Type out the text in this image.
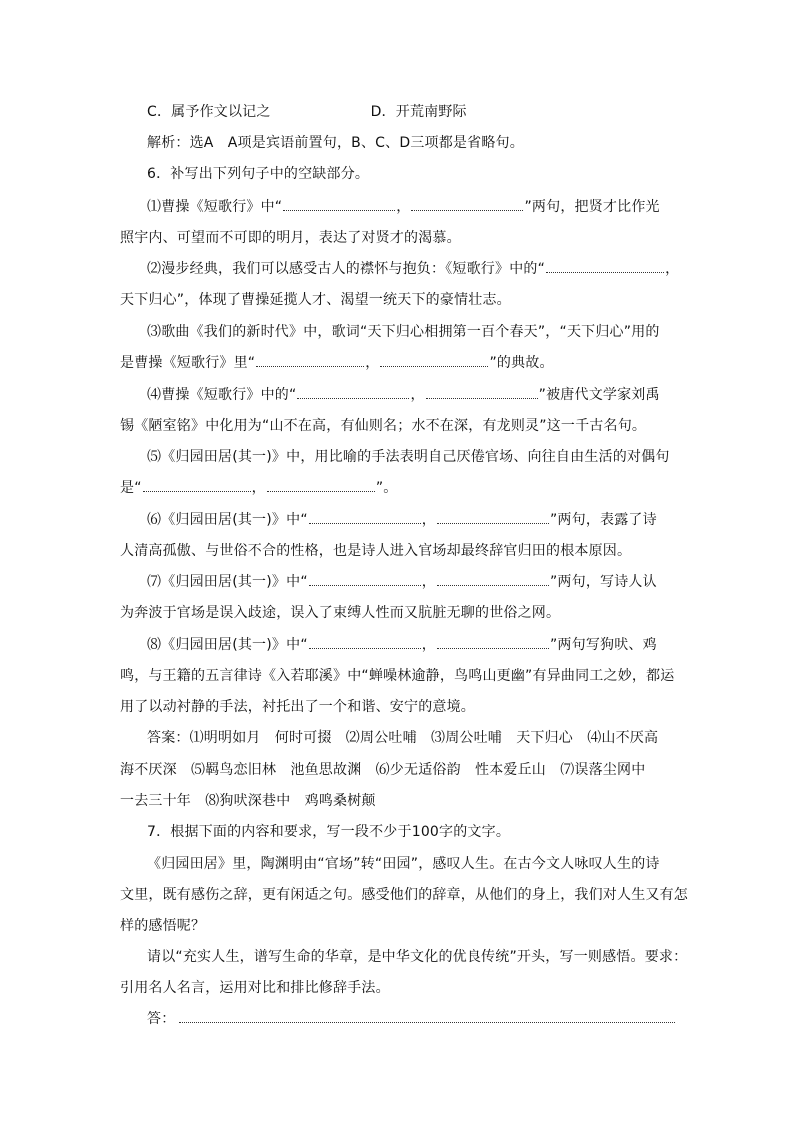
C．属予作文以记之	D．开荒南野际
解析：选A　A项是宾语前置句，B、C、D三项都是省略句。
6．补写出下列句子中的空缺部分。
⑴曹操《短歌行》中“	，	”两句，把贤才比作光
照宇内、可望而不可即的明月，表达了对贤才的渴慕。
⑵漫步经典，我们可以感受古人的襟怀与抱负：《短歌行》中的“	，
天下归心”，体现了曹操延揽人才、渴望一统天下的豪情壮志。
⑶歌曲《我们的新时代》中，歌词“天下归心相拥第一百个春天”，“天下归心”用的
是曹操《短歌行》里“	，	”的典故。
⑷曹操《短歌行》中的“	，	”被唐代文学家刘禹
锡《陋室铭》中化用为“山不在高，有仙则名；水不在深，有龙则灵”这一千古名句。
⑸《归园田居(其一)》中，用比喻的手法表明自己厌倦官场、向往自由生活的对偶句
是“	，	”。
⑹《归园田居(其一)》中“	，	”两句，表露了诗
人清高孤傲、与世俗不合的性格，也是诗人进入官场却最终辞官归田的根本原因。
⑺《归园田居(其一)》中“	，	”两句，写诗人认
为奔波于官场是误入歧途，误入了束缚人性而又肮脏无聊的世俗之网。
⑻《归园田居(其一)》中“	，	”两句写狗吠、鸡
鸣，与王籍的五言律诗《入若耶溪》中“蝉噪林逾静，鸟鸣山更幽”有异曲同工之妙，都运
用了以动衬静的手法，衬托出了一个和谐、安宁的意境。
答案：⑴明明如月　何时可掇　⑵周公吐哺　⑶周公吐哺　天下归心　⑷山不厌高
海不厌深　⑸羁鸟恋旧林　池鱼思故渊　⑹少无适俗韵　性本爱丘山　⑺误落尘网中
一去三十年　⑻狗吠深巷中　鸡鸣桑树颠
7．根据下面的内容和要求，写一段不少于100字的文字。
《归园田居》里，陶渊明由“官场”转“田园”，感叹人生。在古今文人咏叹人生的诗
文里，既有感伤之辞，更有闲适之句。感受他们的辞章，从他们的身上，我们对人生又有怎
样的感悟呢？
请以“充实人生，谱写生命的华章，是中华文化的优良传统”开头，写一则感悟。要求：
引用名人名言，运用对比和排比修辞手法。
答：
